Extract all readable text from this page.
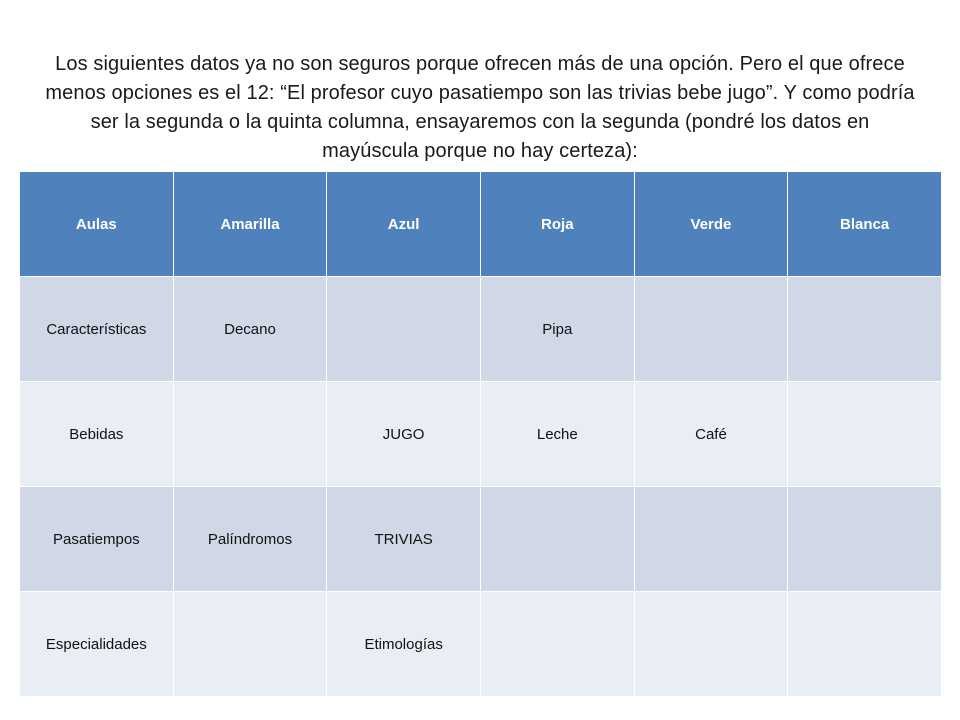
Los siguientes datos ya no son seguros porque ofrecen más de una opción. Pero el que ofrece menos opciones es el 12: “El profesor cuyo pasatiempo son las trivias bebe jugo”. Y como podría ser la segunda o la quinta columna, ensayaremos con la segunda (pondré los datos en mayúscula porque no hay certeza):

Aulas	Amarilla	Azul	Roja	Verde	Blanca
Características	Decano		Pipa		
Bebidas		JUGO	Leche	Café	
Pasatiempos	Palíndromos	TRIVIAS			
Especialidades		Etimologías			
